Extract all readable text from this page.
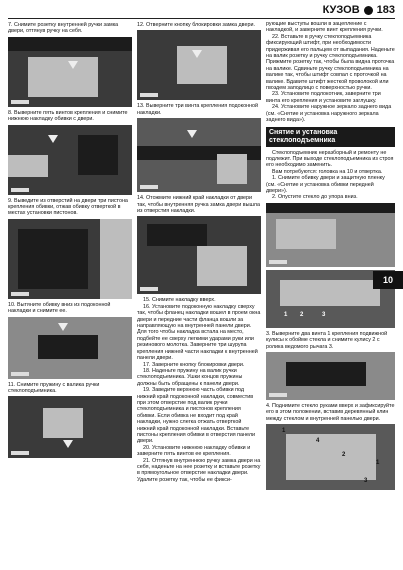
КУЗОВ 183
7. Снимите розетку внутренней ручки замка двери, оттянув ручку на себя.
8. Выверните пять винтов крепления и снимите нижнюю накладку обивки с двери.
9. Выведите из отверстий на двери три пистона крепления обивки, отжав обивку отверткой в местах установки пистонов.
10. Вытяните обивку вниз из подоконной накладки и снимите ее.
11. Снимите пружину с валика ручки стеклоподъемника.
12. Отверните кнопку блокировки замка двери.
13. Выверните три винта крепления подоконной накладки.
14. Отожмите нижний край накладки от двери так, чтобы внутренняя ручка замка двери вышла из отверстия накладки.
15. Снимите накладку вверх.
16. Установите подоконную накладку сверху так, чтобы фланец накладки вошел в проем окна двери и передние части фланца вошли за направляющую на внутренней панели двери. Для того чтобы накладка встала на место, подбейте ее сверху легкими ударами руки или резинового молотка. Заверните три шурупа крепления нижней части накладки к внутренней панели двери.
17. Заверните кнопку блокировки двери.
18. Наденьте пружину на валик ручки стеклоподъемника. Ушки концов пружины должны быть обращены к панели двери.
19. Заведите верхнюю часть обивки под нижний край подоконной накладки, совместив при этом отверстие под валик ручки стеклоподъемника и пистонов крепления обивки. Если обивка не входит под край накладки, нужно слегка отжать отверткой нижний край подоконной накладки. Вставьте пистоны крепления обивки в отверстия панели двери.
20. Установите нижнюю накладку обивки и заверните пять винтов ее крепления.
21. Оттянув внутреннюю ручку замка двери на себя, наденьте на нее розетку и вставьте розетку в прямоугольное отверстие накладки двери. Удалите розетку так, чтобы ее фикси-
рующие выступы вошли в зацепление с накладкой, и заверните винт крепления ручки.
22. Вставьте в ручку стеклоподъемника фиксирующий штифт, при необходимости придерживая его пальцем от выпадания. Наденьте на валик розетку и ручку стеклоподъемника. Прижмите розетку так, чтобы была видна проточка на валике. Сдвиньте ручку стеклоподъемника на валике так, чтобы штифт совпал с проточкой на валике. Вдавите штифт жесткой проволокой или гвоздем заподлицо с поверхностью ручки.
23. Установите подлокотник, заверните три винта его крепления и установите заглушку.
24. Установите наружное зеркало заднего вида (см. «Снятие и установка наружного зеркала заднего вида»).
Снятие и установка стеклоподъемника
Стеклоподъемник неразборный и ремонту не подлежит. При выходе стеклоподъемника из строя его необходимо заменить.
Вам потребуются: головка на 10 и отвертка.
1. Снимите обивку двери и защитную пленку (см. «Снятие и установка обивки передней двери»).
2. Опустите стекло до упора вниз.
1 2	3
3. Выверните два винта 1 крепления подвижной кулисы к обойме стекла и снимите кулису 2 с ролика ведомого рычага 3.
4. Поднимите стекло руками вверх и зафиксируйте его в этом положении, вставив деревянный клин между стеклом и внутренней панелью двери.
1
4
2
1
3
10
